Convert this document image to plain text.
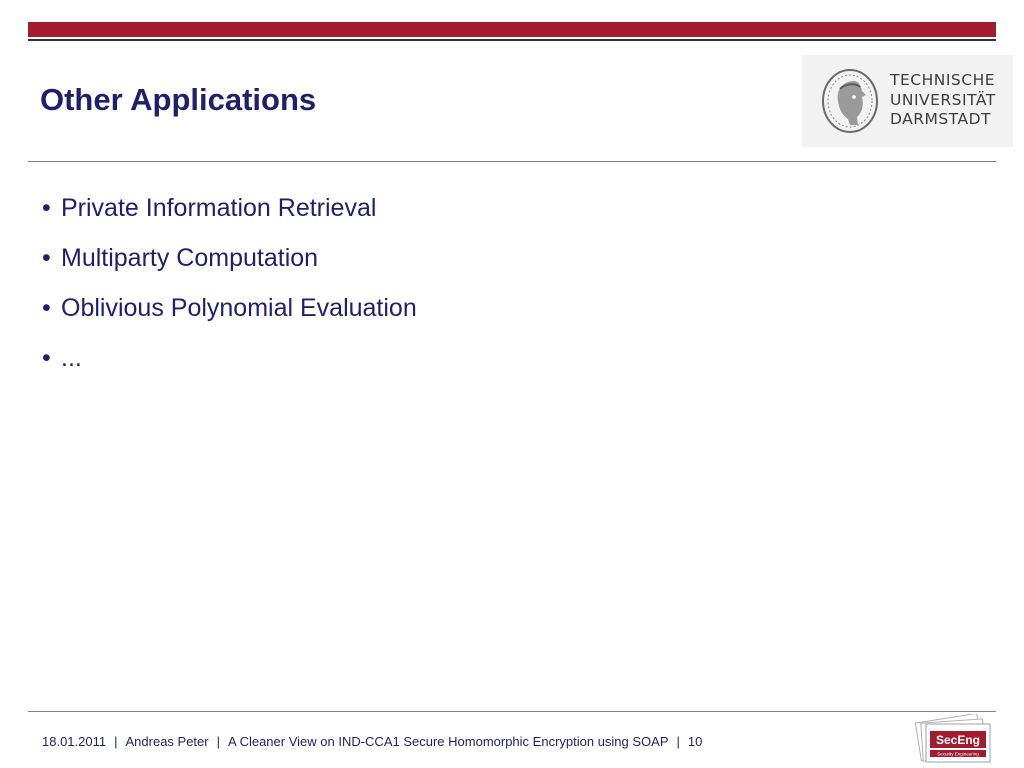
Other Applications
TECHNISCHE
UNIVERSITÄT
DARMSTADT
• Private Information Retrieval
• Multiparty Computation
• Oblivious Polynomial Evaluation
• ...
18.01.2011 | Andreas Peter | A Cleaner View on IND-CCA1 Secure Homomorphic Encryption using SOAP | 10	SecEng
Security Engineering
